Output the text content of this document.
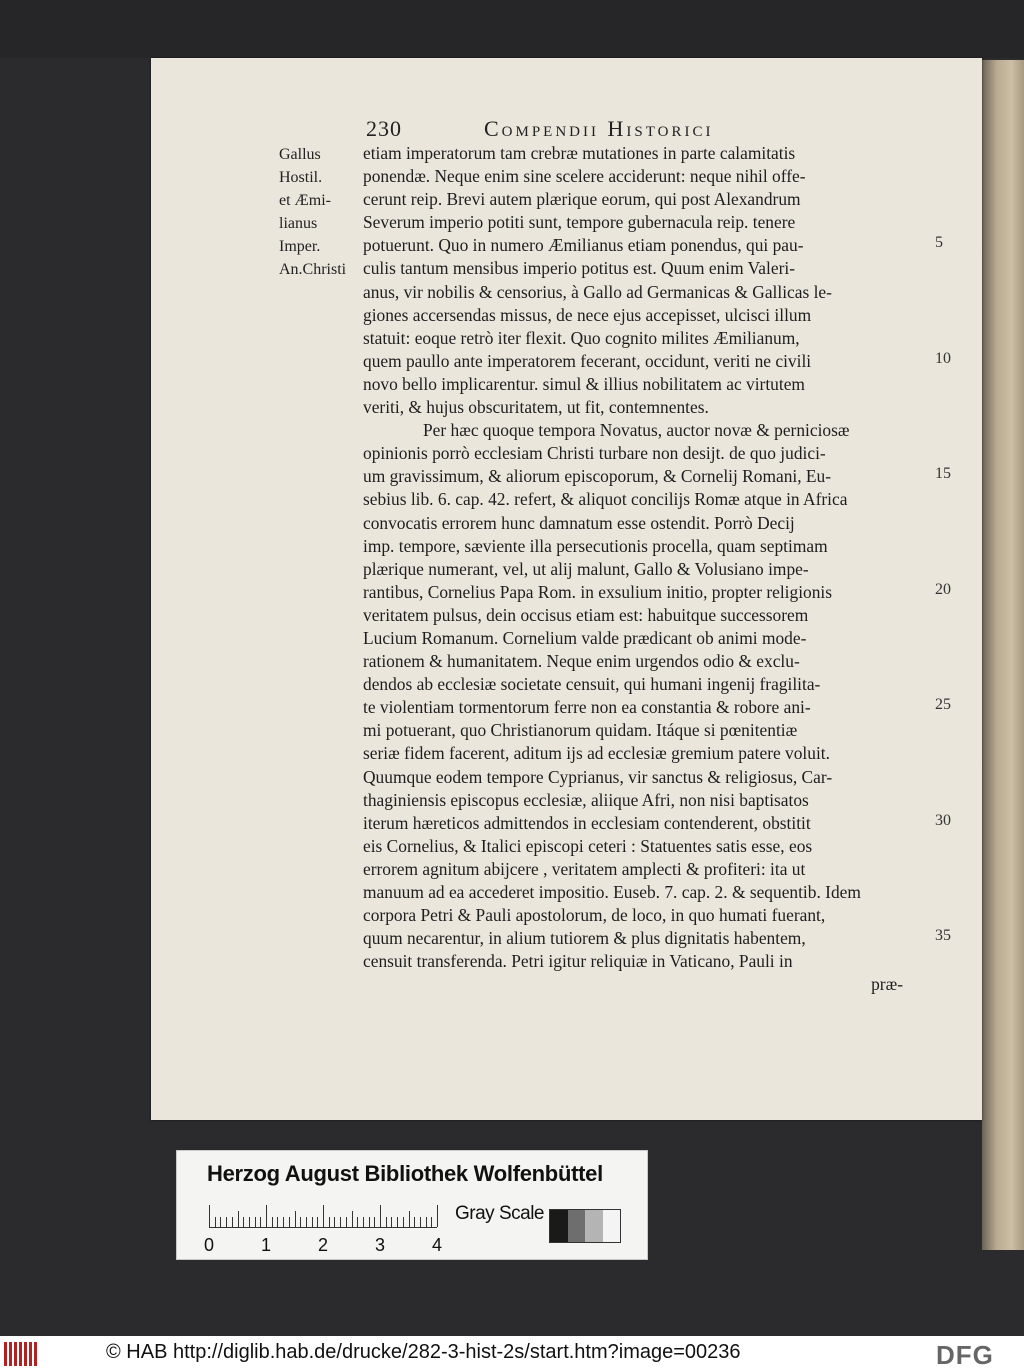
230	Compendii Historici
Gallus
Hostil.
et Æmi-
lianus
Imper.
An.Christi
etiam imperatorum tam crebræ mutationes in parte calamitatis
ponendæ. Neque enim sine scelere acciderunt: neque nihil offe-
cerunt reip. Brevi autem plærique eorum, qui post Alexandrum
Severum imperio potiti sunt, tempore gubernacula reip. tenere
potuerunt. Quo in numero Æmilianus etiam ponendus, qui pau-
culis tantum mensibus imperio potitus est. Quum enim Valeri-
anus, vir nobilis & censorius, à Gallo ad Germanicas & Gallicas le-
giones accersendas missus, de nece ejus accepisset, ulcisci illum
statuit: eoque retrò iter flexit. Quo cognito milites Æmilianum,
quem paullo ante imperatorem fecerant, occidunt, veriti ne civili
novo bello implicarentur. simul & illius nobilitatem ac virtutem
veriti, & hujus obscuritatem, ut fit, contemnentes.
Per hæc quoque tempora Novatus, auctor novæ & perniciosæ
opinionis porrò ecclesiam Christi turbare non desijt. de quo judici-
um gravissimum, & aliorum episcoporum, & Cornelij Romani, Eu-
sebius lib. 6. cap. 42. refert, & aliquot concilijs Romæ atque in Africa
convocatis errorem hunc damnatum esse ostendit. Porrò Decij
imp. tempore, sæviente illa persecutionis procella, quam septimam
plærique numerant, vel, ut alij malunt, Gallo & Volusiano impe-
rantibus, Cornelius Papa Rom. in exsulium initio, propter religionis
veritatem pulsus, dein occisus etiam est: habuitque successorem
Lucium Romanum. Cornelium valde prædicant ob animi mode-
rationem & humanitatem. Neque enim urgendos odio & exclu-
dendos ab ecclesiæ societate censuit, qui humani ingenij fragilita-
te violentiam tormentorum ferre non ea constantia & robore ani-
mi potuerant, quo Christianorum quidam. Itáque si pœnitentiæ
seriæ fidem facerent, aditum ijs ad ecclesiæ gremium patere voluit.
Quumque eodem tempore Cyprianus, vir sanctus & religiosus, Car-
thaginiensis episcopus ecclesiæ, aliique Afri, non nisi baptisatos
iterum hæreticos admittendos in ecclesiam contenderent, obstitit
eis Cornelius, & Italici episcopi ceteri : Statuentes satis esse, eos
errorem agnitum abijcere , veritatem amplecti & profiteri: ita ut
manuum ad ea accederet impositio. Euseb. 7. cap. 2. & sequentib. Idem
corpora Petri & Pauli apostolorum, de loco, in quo humati fuerant,
quum necarentur, in alium tutiorem & plus dignitatis habentem,
censuit transferenda. Petri igitur reliquiæ in Vaticano, Pauli in
præ-
5
10
15
20
25
30
35
Herzog August Bibliothek Wolfenbüttel
0	1	2	3	4
Gray Scale
© HAB http://diglib.hab.de/drucke/282-3-hist-2s/start.htm?image=00236	DFG
